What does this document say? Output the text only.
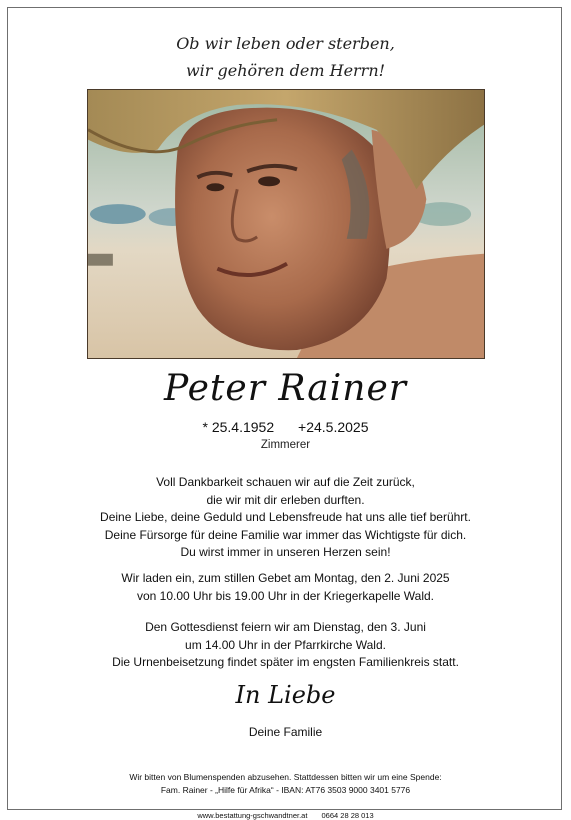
Ob wir leben oder sterben,
wir gehören dem Herrn!
Peter Rainer
* 25.4.1952 +24.5.2025
Zimmerer
Voll Dankbarkeit schauen wir auf die Zeit zurück,
die wir mit dir erleben durften.
Deine Liebe, deine Geduld und Lebensfreude hat uns alle tief berührt.
Deine Fürsorge für deine Familie war immer das Wichtigste für dich.
Du wirst immer in unseren Herzen sein!
Wir laden ein, zum stillen Gebet am Montag, den 2. Juni 2025
von 10.00 Uhr bis 19.00 Uhr in der Kriegerkapelle Wald.
Den Gottesdienst feiern wir am Dienstag, den 3. Juni
um 14.00 Uhr in der Pfarrkirche Wald.
Die Urnenbeisetzung findet später im engsten Familienkreis statt.
In Liebe
Deine Familie
Wir bitten von Blumenspenden abzusehen. Stattdessen bitten wir um eine Spende:
Fam. Rainer - „Hilfe für Afrika“ - IBAN: AT76 3503 9000 3401 5776
www.bestattung-gschwandtner.at 0664 28 28 013
